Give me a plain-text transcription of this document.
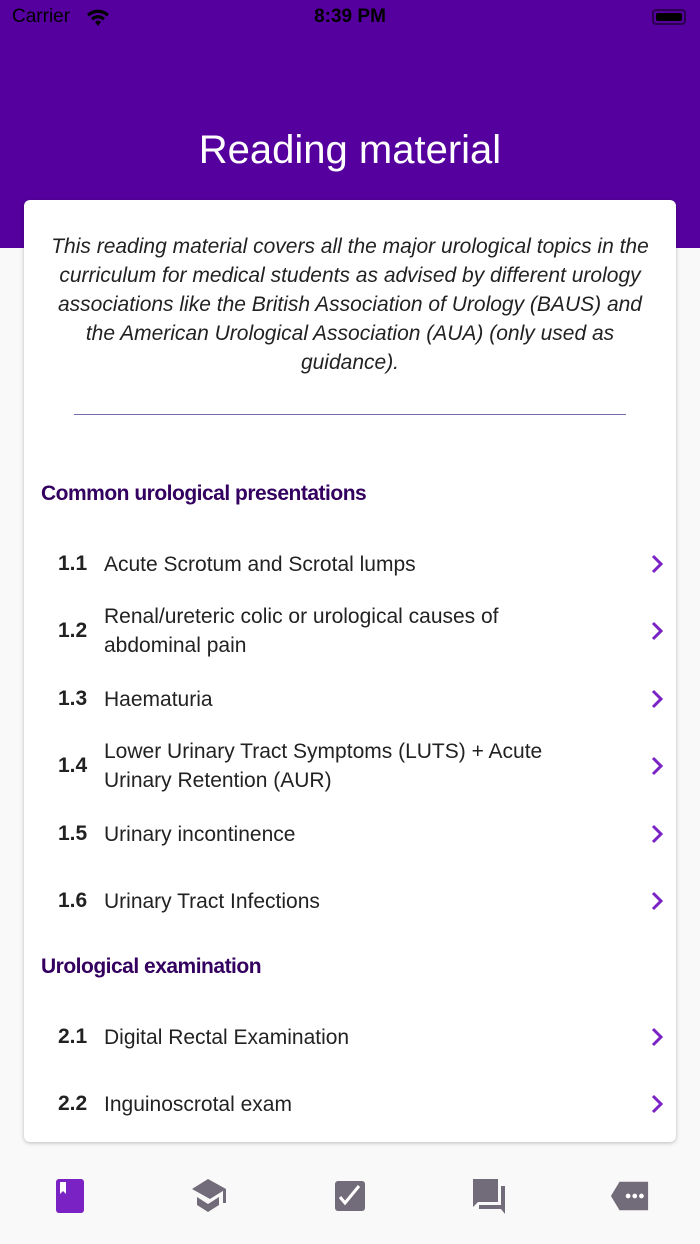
Carrier	8:39 PM
Reading material
This reading material covers all the major urological topics in the curriculum for medical students as advised by different urology associations like the British Association of Urology (BAUS) and the American Urological Association (AUA) (only used as guidance).
Common urological presentations
1.1 Acute Scrotum and Scrotal lumps
1.2
Renal/ureteric colic or urological causes of abdominal pain
1.3 Haematuria
1.4
Lower Urinary Tract Symptoms (LUTS) + Acute Urinary Retention (AUR)
1.5 Urinary incontinence
1.6 Urinary Tract Infections
Urological examination
2.1 Digital Rectal Examination
2.2 Inguinoscrotal exam
